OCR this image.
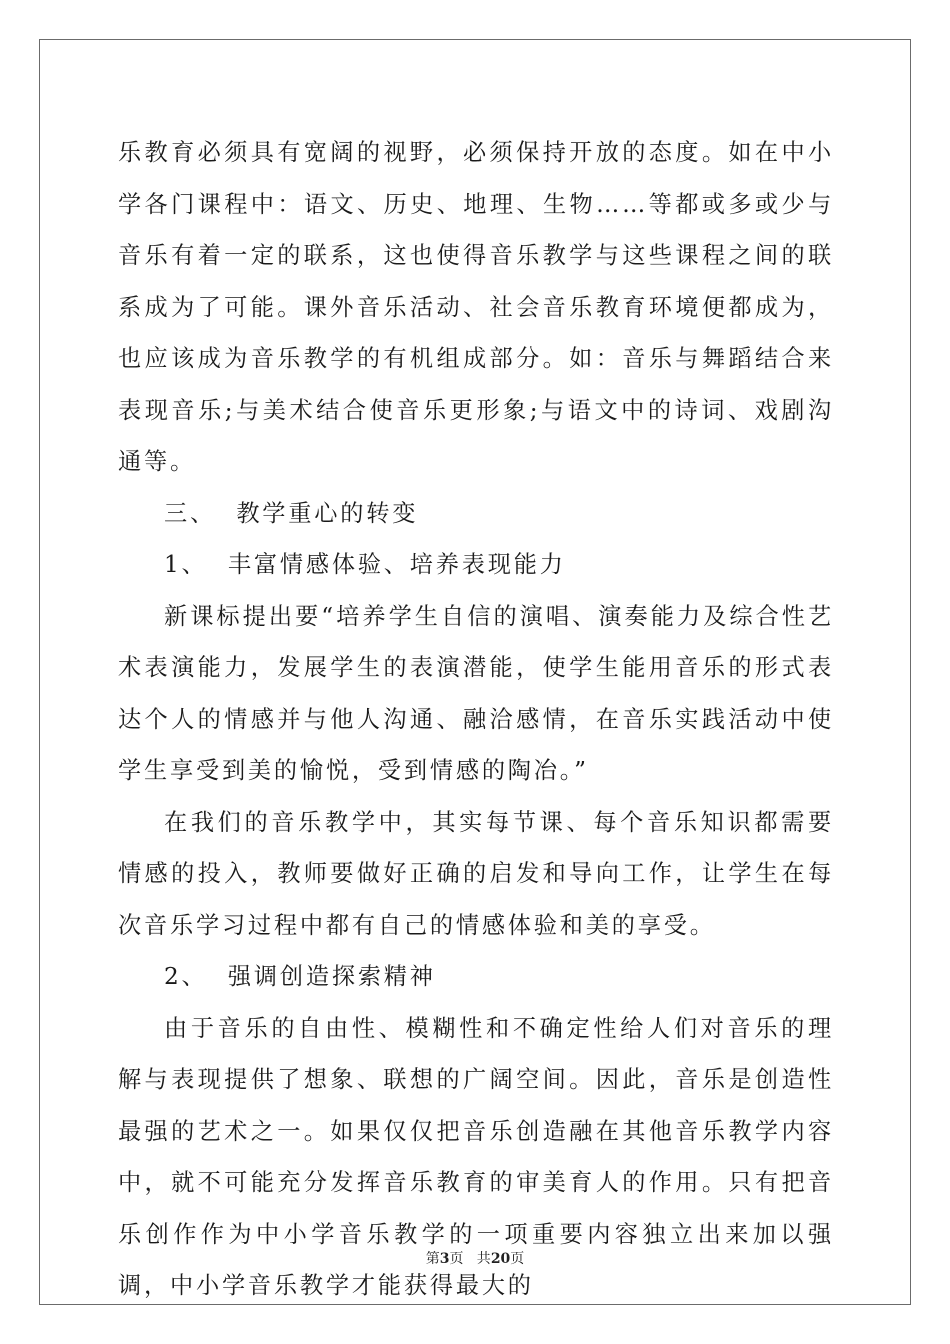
乐教育必须具有宽阔的视野，必须保持开放的态度。如在中小学各门课程中：语文、历史、地理、生物……等都或多或少与音乐有着一定的联系，这也使得音乐教学与这些课程之间的联系成为了可能。课外音乐活动、社会音乐教育环境便都成为，也应该成为音乐教学的有机组成部分。如：音乐与舞蹈结合来表现音乐;与美术结合使音乐更形象;与语文中的诗词、戏剧沟通等。

三、  教学重心的转变

1、  丰富情感体验、培养表现能力

新课标提出要“培养学生自信的演唱、演奏能力及综合性艺术表演能力，发展学生的表演潜能，使学生能用音乐的形式表达个人的情感并与他人沟通、融洽感情，在音乐实践活动中使学生享受到美的愉悦，受到情感的陶冶。”

在我们的音乐教学中，其实每节课、每个音乐知识都需要情感的投入，教师要做好正确的启发和导向工作，让学生在每次音乐学习过程中都有自己的情感体验和美的享受。

2、  强调创造探索精神

由于音乐的自由性、模糊性和不确定性给人们对音乐的理解与表现提供了想象、联想的广阔空间。因此，音乐是创造性最强的艺术之一。如果仅仅把音乐创造融在其他音乐教学内容中，就不可能充分发挥音乐教育的审美育人的作用。只有把音乐创作作为中小学音乐教学的一项重要内容独立出来加以强调，中小学音乐教学才能获得最大的

第3页   共20页
